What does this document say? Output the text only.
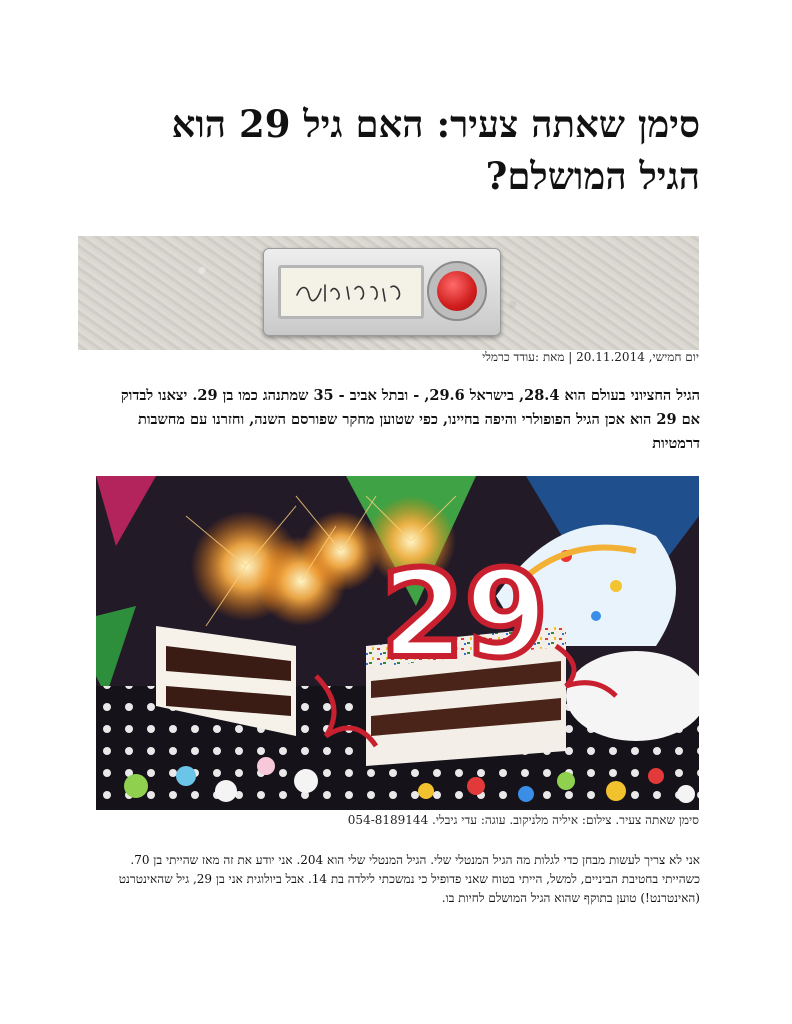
סימן שאתה צעיר: האם גיל 29 הוא הגיל המושלם?
יום חמישי, 20.11.2014 | מאת :עודד כרמלי

הגיל החציוני בעולם הוא 28.4, בישראל 29.6, - ובתל אביב - 35 שמתנהג כמו בן 29. יצאנו לבדוק אם 29 הוא אכן הגיל הפופולרי והיפה בחיינו, כפי שטוען מחקר שפורסם השנה, וחזרנו עם מחשבות דרמטיות

29
סימן שאתה צעיר. צילום: איליה מלניקוב. עוגה: עדי גיבלי. 054-8189144

אני לא צריך לעשות מבחן כדי לגלות מה הגיל המנטלי שלי. הגיל המנטלי שלי הוא 204. אני יודע את זה מאז שהייתי בן 70. כשהייתי בחטיבת הביניים, למשל, הייתי בטוח שאני פדופיל כי נמשכתי לילדה בת 14. אבל ביולוגית אני בן 29, גיל שהאינטרנט (האינטרנט!) טוען בתוקף שהוא הגיל המושלם לחיות בו.
